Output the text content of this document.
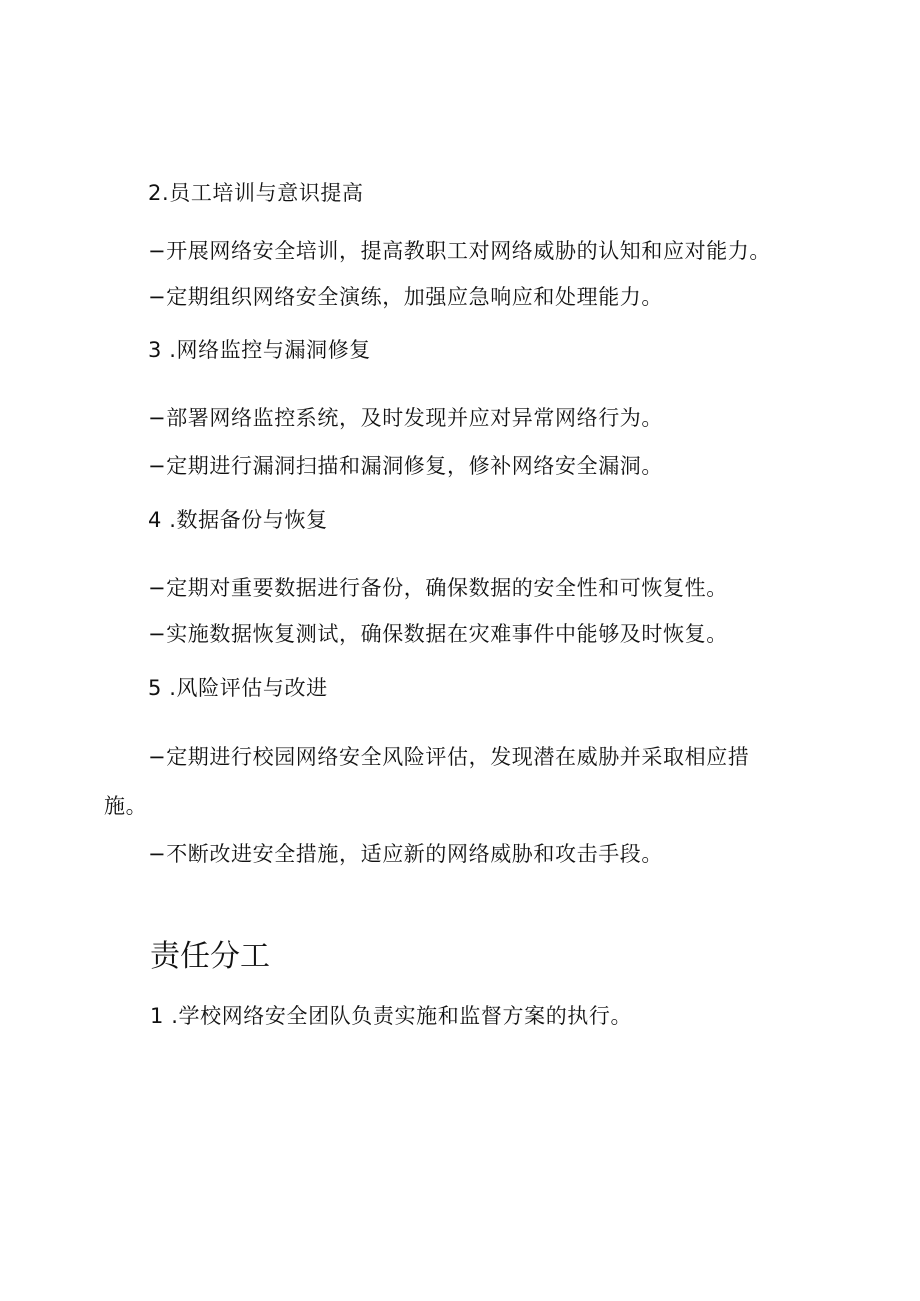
2.员工培训与意识提高
−开展网络安全培训，提高教职工对网络威胁的认知和应对能力。
−定期组织网络安全演练，加强应急响应和处理能力。
3 .网络监控与漏洞修复
−部署网络监控系统，及时发现并应对异常网络行为。
−定期进行漏洞扫描和漏洞修复，修补网络安全漏洞。
4 .数据备份与恢复
−定期对重要数据进行备份，确保数据的安全性和可恢复性。
−实施数据恢复测试，确保数据在灾难事件中能够及时恢复。
5 .风险评估与改进
−定期进行校园网络安全风险评估，发现潜在威胁并采取相应措
施。
−不断改进安全措施，适应新的网络威胁和攻击手段。
责任分工
1 .学校网络安全团队负责实施和监督方案的执行。
